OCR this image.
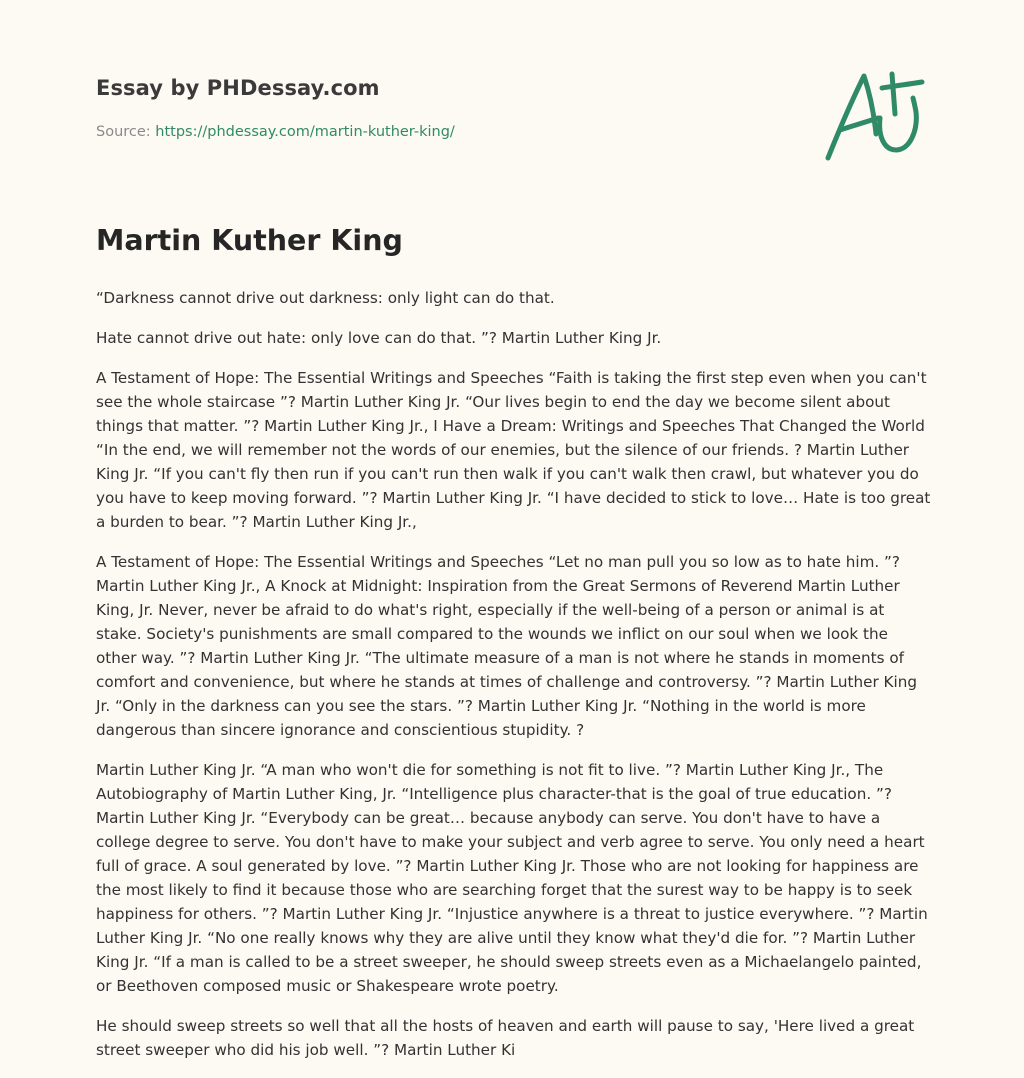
Essay by PHDessay.com
Source: https://phdessay.com/martin-kuther-king/
Martin Kuther King

“Darkness cannot drive out darkness: only light can do that.

Hate cannot drive out hate: only love can do that. ”? Martin Luther King Jr.

A Testament of Hope: The Essential Writings and Speeches “Faith is taking the first step even when you can't see the whole staircase ”? Martin Luther King Jr. “Our lives begin to end the day we become silent about things that matter. ”? Martin Luther King Jr., I Have a Dream: Writings and Speeches That Changed the World “In the end, we will remember not the words of our enemies, but the silence of our friends. ? Martin Luther King Jr. “If you can't fly then run if you can't run then walk if you can't walk then crawl, but whatever you do you have to keep moving forward. ”? Martin Luther King Jr. “I have decided to stick to love… Hate is too great a burden to bear. ”? Martin Luther King Jr.,

A Testament of Hope: The Essential Writings and Speeches “Let no man pull you so low as to hate him. ”? Martin Luther King Jr., A Knock at Midnight: Inspiration from the Great Sermons of Reverend Martin Luther King, Jr. Never, never be afraid to do what's right, especially if the well-being of a person or animal is at stake. Society's punishments are small compared to the wounds we inflict on our soul when we look the other way. ”? Martin Luther King Jr. “The ultimate measure of a man is not where he stands in moments of comfort and convenience, but where he stands at times of challenge and controversy. ”? Martin Luther King Jr. “Only in the darkness can you see the stars. ”? Martin Luther King Jr. “Nothing in the world is more dangerous than sincere ignorance and conscientious stupidity. ?

Martin Luther King Jr. “A man who won't die for something is not fit to live. ”? Martin Luther King Jr., The Autobiography of Martin Luther King, Jr. “Intelligence plus character-that is the goal of true education. ”? Martin Luther King Jr. “Everybody can be great… because anybody can serve. You don't have to have a college degree to serve. You don't have to make your subject and verb agree to serve. You only need a heart full of grace. A soul generated by love. ”? Martin Luther King Jr. Those who are not looking for happiness are the most likely to find it because those who are searching forget that the surest way to be happy is to seek happiness for others. ”? Martin Luther King Jr. “Injustice anywhere is a threat to justice everywhere. ”? Martin Luther King Jr. “No one really knows why they are alive until they know what they'd die for. ”? Martin Luther King Jr. “If a man is called to be a street sweeper, he should sweep streets even as a Michaelangelo painted, or Beethoven composed music or Shakespeare wrote poetry.

He should sweep streets so well that all the hosts of heaven and earth will pause to say, 'Here lived a great street sweeper who did his job well. ”? Martin Luther Ki
